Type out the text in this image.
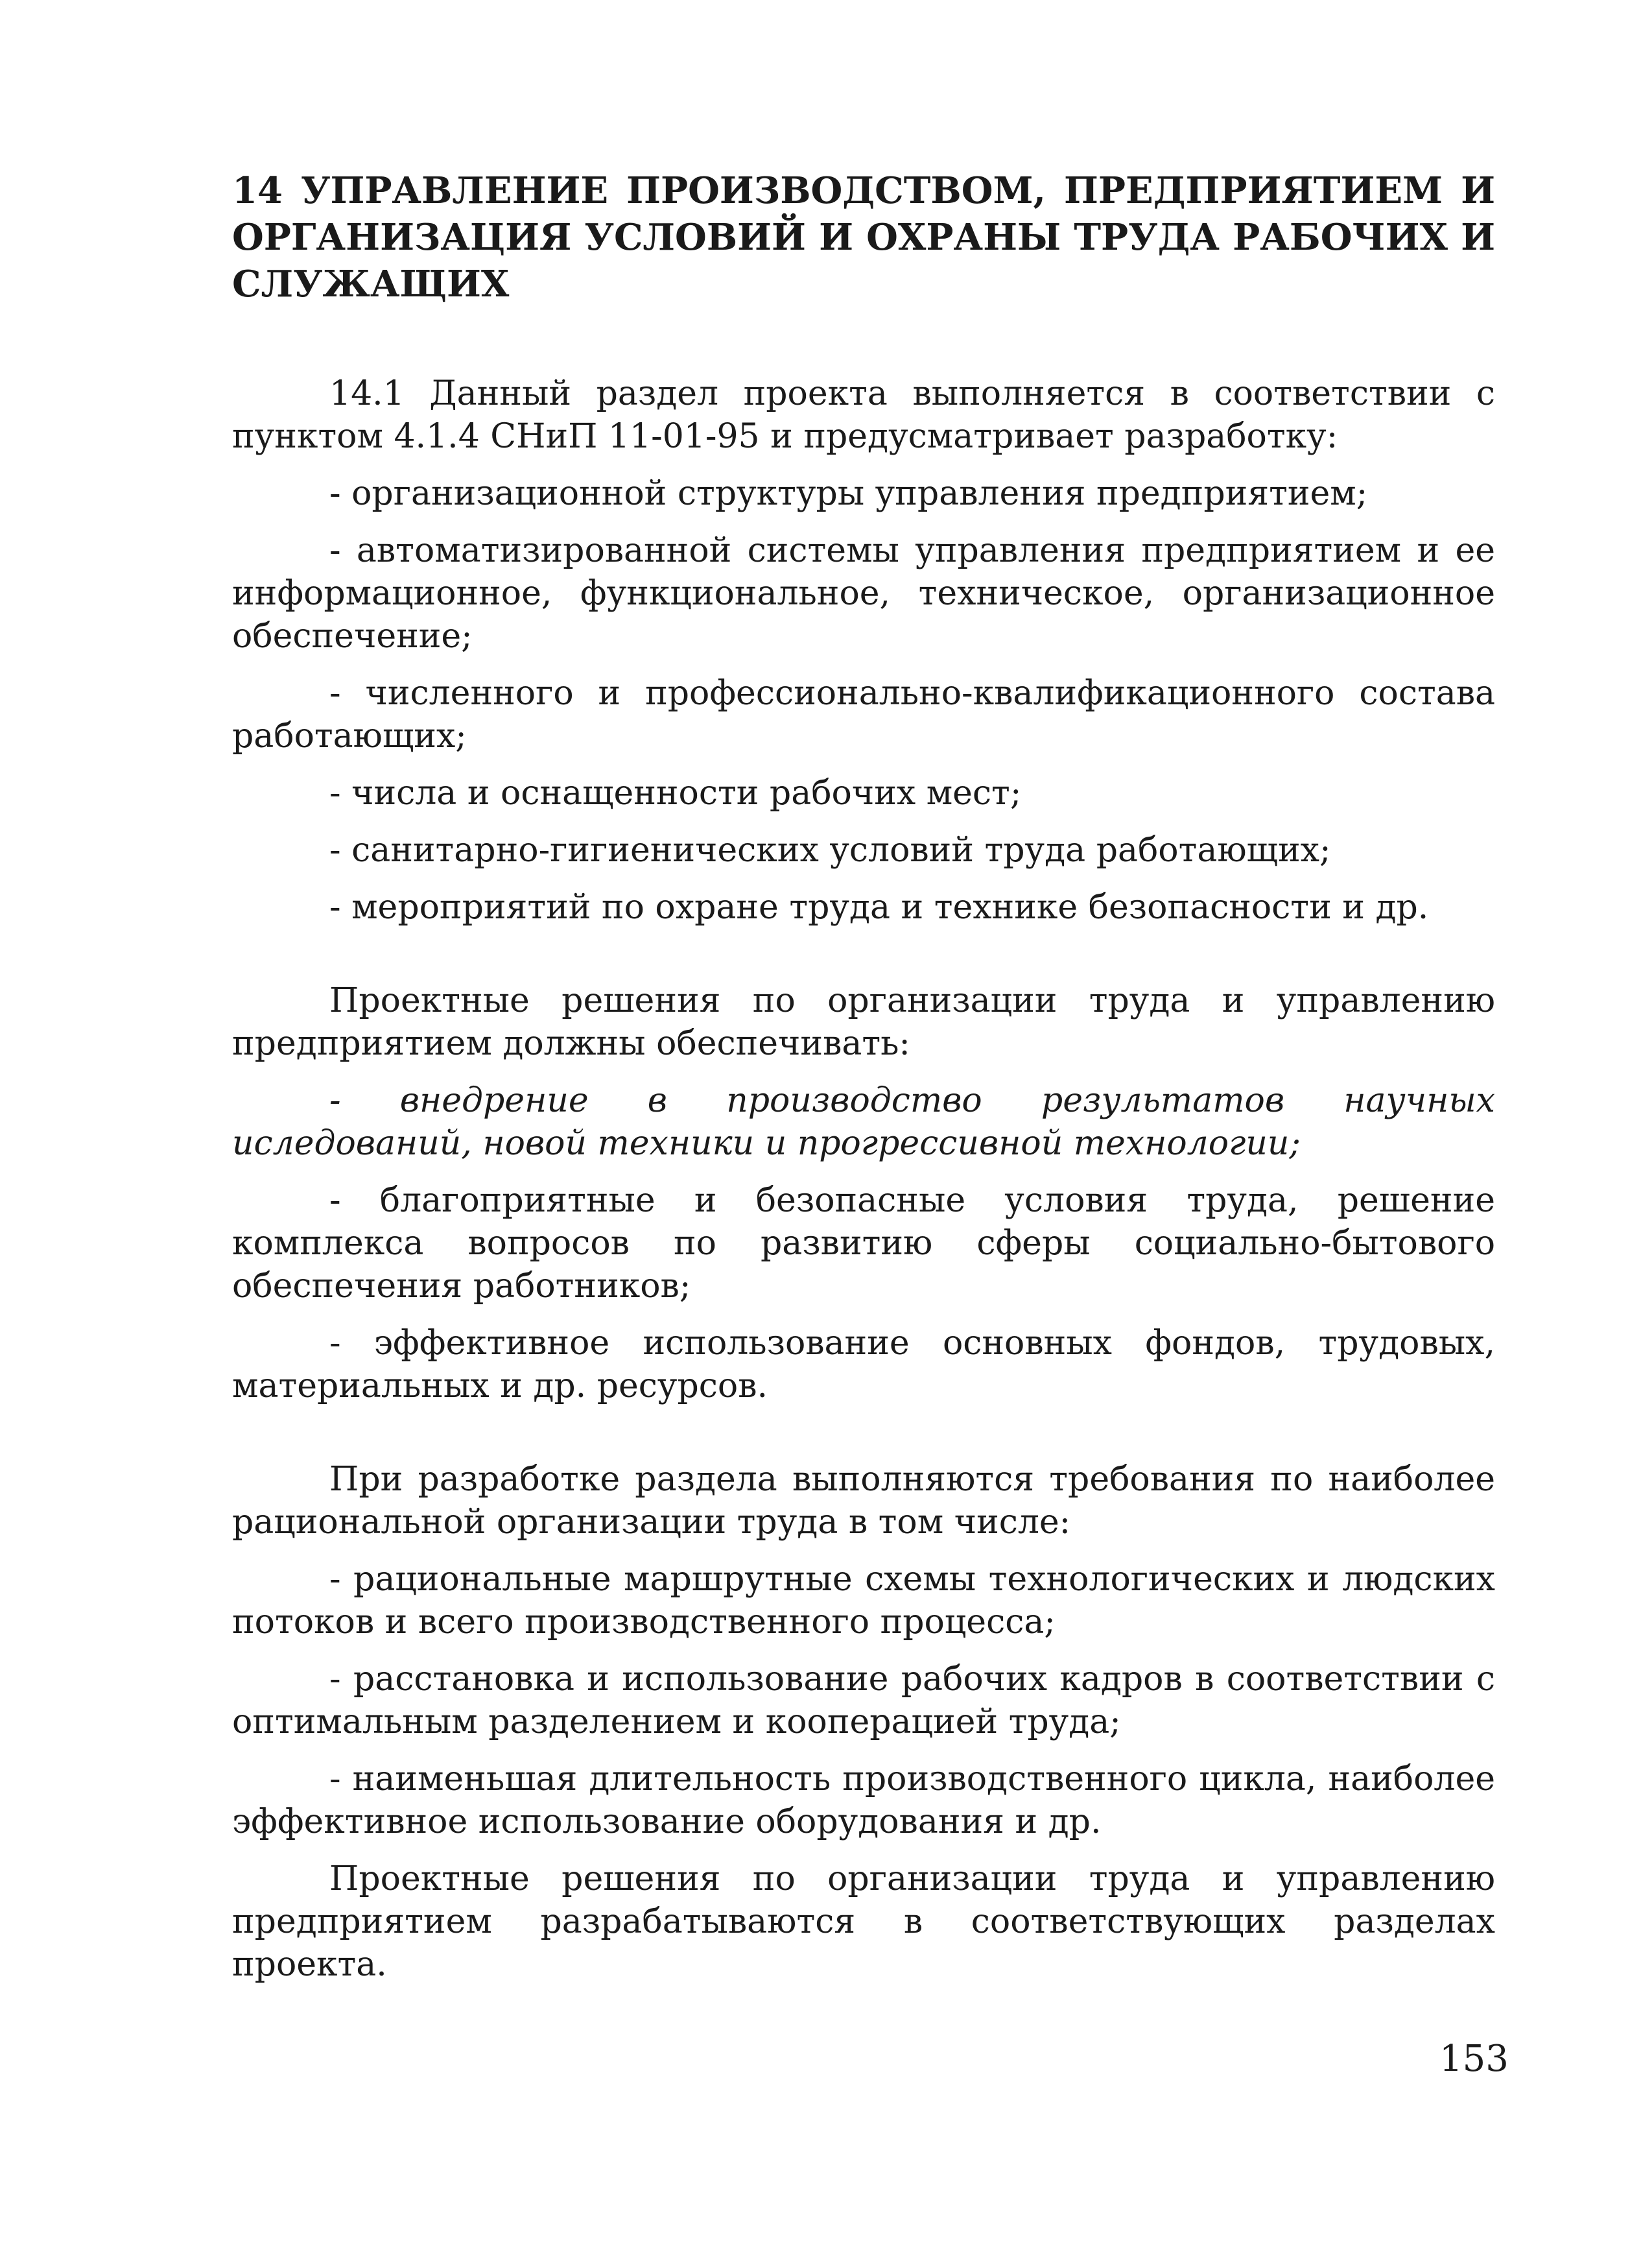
14 УПРАВЛЕНИЕ ПРОИЗВОДСТВОМ, ПРЕДПРИЯТИЕМ И ОРГАНИЗАЦИЯ УСЛОВИЙ И ОХРАНЫ ТРУДА РАБОЧИХ И СЛУЖАЩИХ

14.1 Данный раздел проекта выполняется в соответствии с пунктом 4.1.4 СНиП 11-01-95 и предусматривает разработку:

- организационной структуры управления предприятием;

- автоматизированной системы управления предприятием и ее информационное, функциональное, техническое, организационное обеспечение;

- численного и профессионально-квалификационного состава работающих;

- числа и оснащенности рабочих мест;

- санитарно-гигиенических условий труда работающих;

- мероприятий по охране труда и технике безопасности и др.

Проектные решения по организации труда и управлению предприятием должны обеспечивать:

- внедрение в производство результатов научных иследований, новой техники и прогрессивной технологии;

- благоприятные и безопасные условия труда, решение комплекса вопросов по развитию сферы социально-бытового обеспечения работников;

- эффективное использование основных фондов, трудовых, материальных и др. ресурсов.

При разработке раздела выполняются требования по наиболее рациональной организации труда в том числе:

- рациональные маршрутные схемы технологических и людских потоков и всего производственного процесса;

- расстановка и использование рабочих кадров в соответствии с оптимальным разделением и кооперацией труда;

- наименьшая длительность производственного цикла, наиболее эффективное использование оборудования и др.

Проектные решения по организации труда и управлению предприятием разрабатываются в соответствующих разделах проекта.

153
